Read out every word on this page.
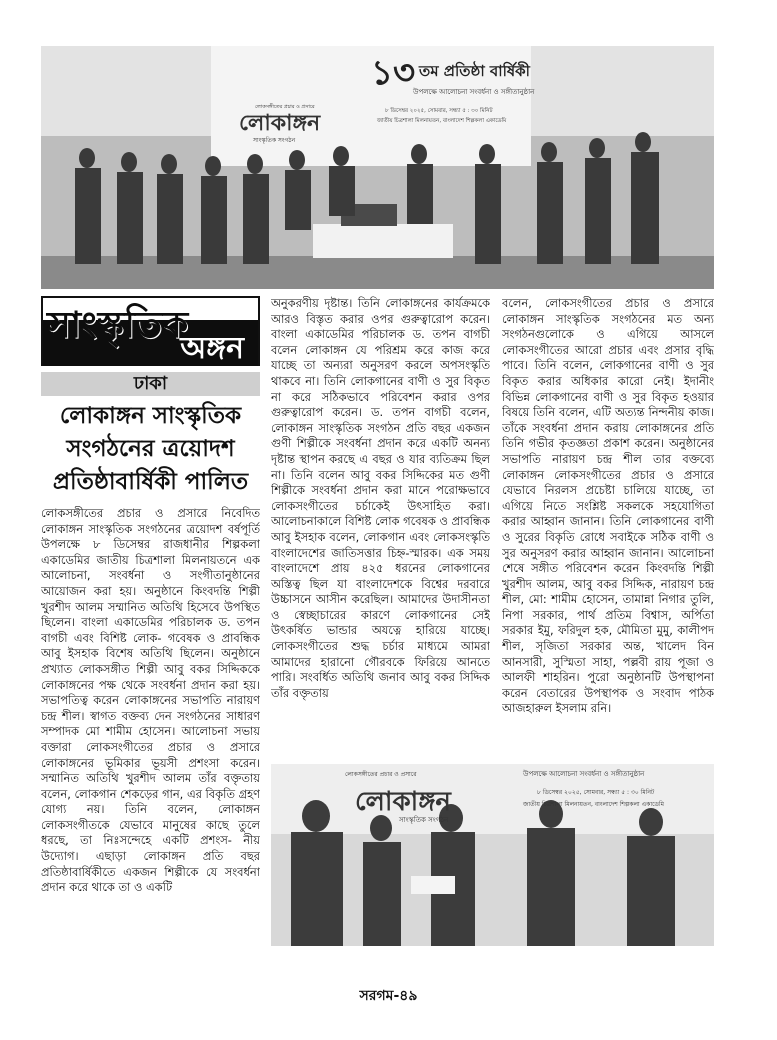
১৩ তম প্রতিষ্ঠা বার্ষিকী
উপলক্ষে আলোচনা সংবর্ধনা ও সঙ্গীতানুষ্ঠান
লোকসঙ্গীতের প্রচার ও প্রসারে
লোকাঙ্গন
সাংস্কৃতিক সংগঠন
৮ ডিসেম্বর ২০২৫, সোমবার, সন্ধ্যা ৫ : ৩০ মিনিট
জাতীয় চিত্রশালা মিলনায়তন, বাংলাদেশ শিল্পকলা একাডেমি
সাংস্কৃতিক
অঙ্গন
ঢাকা
লোকাঙ্গন সাংস্কৃতিক
সংগঠনের ত্রয়োদশ
প্রতিষ্ঠাবার্ষিকী পালিত

লোকসঙ্গীতের প্রচার ও প্রসারে নিবেদিত লোকাঙ্গন সাংস্কৃতিক সংগঠনের ত্রয়োদশ বর্ষপূর্তি উপলক্ষে ৮ ডিসেম্বর রাজধানীর শিল্পকলা একাডেমির জাতীয় চিত্রশালা মিলনায়তনে এক আলোচনা, সংবর্ধনা ও সংগীতানুষ্ঠানের আয়োজন করা হয়। অনুষ্ঠানে কিংবদন্তি শিল্পী খুরশীদ আলম সম্মানিত অতিথি হিসেবে উপস্থিত ছিলেন। বাংলা একাডেমির পরিচালক ড. তপন বাগচী এবং বিশিষ্ট লোক- গবেষক ও প্রাবন্ধিক আবু ইসহাক বিশেষ অতিথি ছিলেন। অনুষ্ঠানে প্রখ্যাত লোকসঙ্গীত শিল্পী আবু বকর সিদ্দিককে লোকাঙ্গনের পক্ষ থেকে সংবর্ধনা প্রদান করা হয়। সভাপতিত্ব করেন লোকাঙ্গনের সভাপতি নারায়ণ চন্দ্র শীল। স্বাগত বক্তব্য দেন সংগঠনের সাধারণ সম্পাদক মো শামীম হোসেন। আলোচনা সভায় বক্তারা লোকসংগীতের প্রচার ও প্রসারে লোকাঙ্গনের ভূমিকার ভূয়সী প্রশংসা করেন। সম্মানিত অতিথি খুরশীদ আলম তাঁর বক্তৃতায় বলেন, লোকগান শেকড়ের গান, এর বিকৃতি গ্রহণ যোগ্য নয়। তিনি বলেন, লোকাঙ্গন লোকসংগীতকে যেভাবে মানুষের কাছে তুলে ধরছে, তা নিঃসন্দেহে একটি প্রশংস- নীয় উদ্যোগ। এছাড়া লোকাঙ্গন প্রতি বছর প্রতিষ্ঠাবার্ষিকীতে একজন শিল্পীকে যে সংবর্ধনা প্রদান করে থাকে তা ও একটি

অনুকরণীয় দৃষ্টান্ত। তিনি লোকাঙ্গনের কার্যক্রমকে আরও বিস্তৃত করার ওপর গুরুত্বারোপ করেন। বাংলা একাডেমির পরিচালক ড. তপন বাগচী বলেন লোকাঙ্গন যে পরিশ্রম করে কাজ করে যাচ্ছে তা অন্যরা অনুসরণ করলে অপসংস্কৃতি থাকবে না। তিনি লোকগানের বাণী ও সুর বিকৃত না করে সঠিকভাবে পরিবেশন করার ওপর গুরুত্বারোপ করেন। ড. তপন বাগচী বলেন, লোকাঙ্গন সাংস্কৃতিক সংগঠন প্রতি বছর একজন গুণী শিল্পীকে সংবর্ধনা প্রদান করে একটি অনন্য দৃষ্টান্ত স্থাপন করছে এ বছর ও যার ব্যতিক্রম ছিল না। তিনি বলেন আবু বকর সিদ্দিকের মত গুণী শিল্পীকে সংবর্ধনা প্রদান করা মানে পরোক্ষভাবে লোকসংগীতের চর্চাকেই উৎসাহিত করা। আলোচনাকালে বিশিষ্ট লোক গবেষক ও প্রাবন্ধিক আবু ইসহাক বলেন, লোকগান এবং লোকসংস্কৃতি বাংলাদেশের জাতিসত্তার চিহ্ন-স্মারক। এক সময় বাংলাদেশে প্রায় ৪২৫ ধরনের লোকগানের অস্তিত্ব ছিল যা বাংলাদেশকে বিশ্বের দরবারে উচ্চাসনে আসীন করেছিল। আমাদের উদাসীনতা ও স্বেচ্ছাচারের কারণে লোকগানের সেই উৎকর্ষিত ভান্ডার অযত্নে হারিয়ে যাচ্ছে। লোকসংগীতের শুদ্ধ চর্চার মাধ্যমে আমরা আমাদের হারানো গৌরবকে ফিরিয়ে আনতে পারি। সংবর্ধিত অতিথি জনাব আবু বকর সিদ্দিক তাঁর বক্তৃতায়

বলেন, লোকসংগীতের প্রচার ও প্রসারে লোকাঙ্গন সাংস্কৃতিক সংগঠনের মত অন্য সংগঠনগুলোকে ও এগিয়ে আসলে লোকসংগীতের আরো প্রচার এবং প্রসার বৃদ্ধি পাবে। তিনি বলেন, লোকগানের বাণী ও সুর বিকৃত করার অধিকার কারো নেই। ইদানীং বিভিন্ন লোকগানের বাণী ও সুর বিকৃত হওয়ার বিষয়ে তিনি বলেন, এটি অত্যন্ত নিন্দনীয় কাজ। তাঁকে সংবর্ধনা প্রদান করায় লোকাঙ্গনের প্রতি তিনি গভীর কৃতজ্ঞতা প্রকাশ করেন। অনুষ্ঠানের সভাপতি নারায়ণ চন্দ্র শীল তার বক্তব্যে লোকাঙ্গন লোকসংগীতের প্রচার ও প্রসারে যেভাবে নিরলস প্রচেষ্টা চালিয়ে যাচ্ছে, তা এগিয়ে নিতে সংশ্লিষ্ট সকলকে সহযোগিতা করার আহ্বান জানান। তিনি লোকগানের বাণী ও সুরের বিকৃতি রোধে সবাইকে সঠিক বাণী ও সুর অনুসরণ করার আহ্বান জানান। আলোচনা শেষে সঙ্গীত পরিবেশন করেন কিংবদন্তি শিল্পী খুরশীদ আলম, আবু বকর সিদ্দিক, নারায়ণ চন্দ্র শীল, মো: শামীম হোসেন, তামান্না নিগার তুলি, নিপা সরকার, পার্থ প্রতিম বিশ্বাস, অর্পিতা সরকার ইমু, ফরিদুল হক, মৌমিতা মুমু, কালীপদ শীল, সৃজিতা সরকার অন্ত, খালেদ বিন আনসারী, সুস্মিতা সাহা, পল্লবী রায় পূজা ও আলফী শাহরিন। পুরো অনুষ্ঠানটি উপস্থাপনা করেন বেতারের উপস্থাপক ও সংবাদ পাঠক আজহারুল ইসলাম রনি।

লোকসঙ্গীতের প্রচার ও প্রসারে	উপলক্ষে আলোচনা সংবর্ধনা ও সঙ্গীতানুষ্ঠান
লোকাঙ্গন
সাংস্কৃতিক সংগঠন
৮ ডিসেম্বর ২০২৫, সোমবার, সন্ধ্যা ৫ : ৩০ মিনিট
জাতীয় চিত্রশালা মিলনায়তন, বাংলাদেশ শিল্পকলা একাডেমি
সরগম-৪৯
